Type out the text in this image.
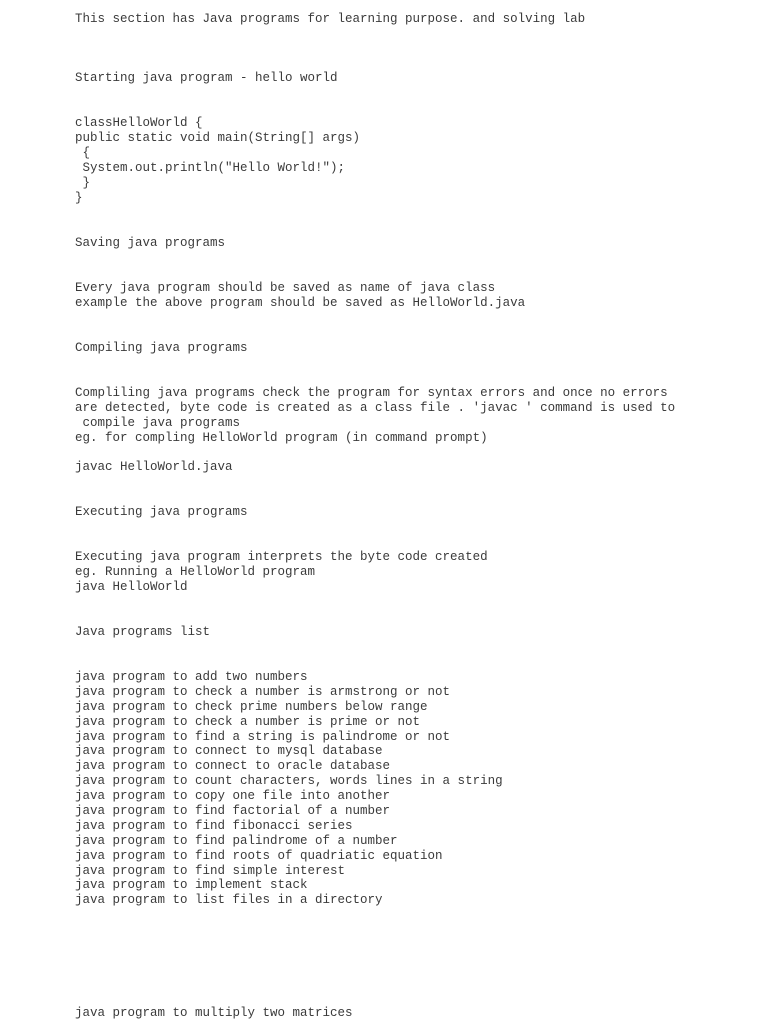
This section has Java programs for learning purpose. and solving lab
Starting java program - hello world
classHelloWorld {
public static void main(String[] args)
{
System.out.println("Hello World!");
}
}
Saving java programs
Every java program should be saved as name of java class
example the above program should be saved as HelloWorld.java
Compiling java programs
Compliling java programs check the program for syntax errors and once no errors
are detected, byte code is created as a class file . 'javac ' command is used to
compile java programs
eg. for compling HelloWorld program (in command prompt)
javac HelloWorld.java
Executing java programs
Executing java program interprets the byte code created
eg. Running a HelloWorld program
java HelloWorld
Java programs list
java program to add two numbers
java program to check a number is armstrong or not
java program to check prime numbers below range
java program to check a number is prime or not
java program to find a string is palindrome or not
java program to connect to mysql database
java program to connect to oracle database
java program to count characters, words lines in a string
java program to copy one file into another
java program to find factorial of a number
java program to find fibonacci series
java program to find palindrome of a number
java program to find roots of quadriatic equation
java program to find simple interest
java program to implement stack
java program to list files in a directory
java program to multiply two matrices
